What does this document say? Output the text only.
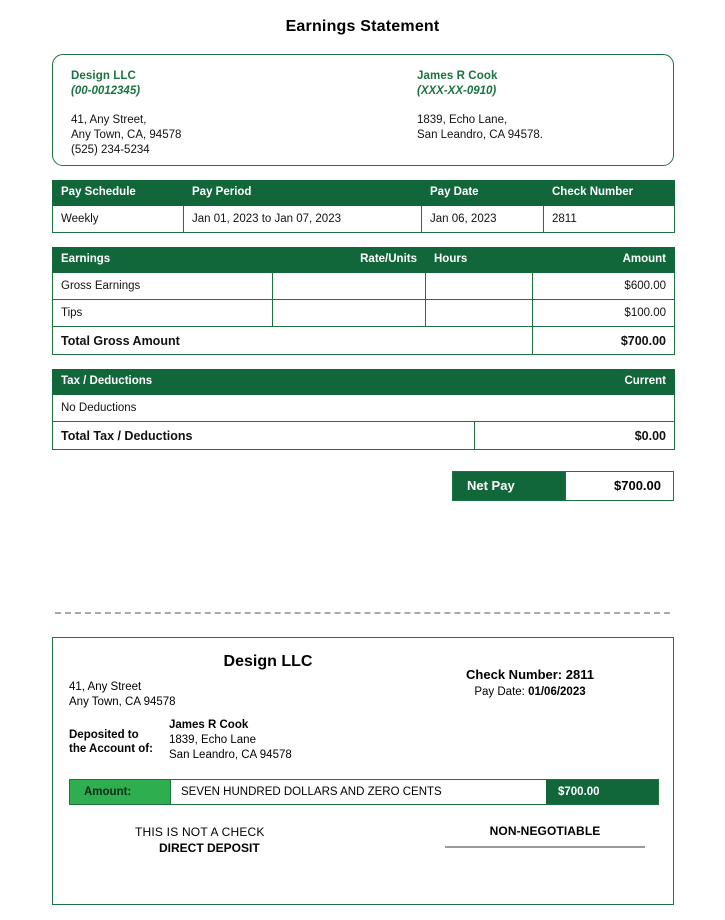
Earnings Statement
Design LLC
(00-0012345)
41, Any Street,
Any Town, CA, 94578
(525) 234-5234
James R Cook
(XXX-XX-0910)
1839, Echo Lane,
San Leandro, CA 94578.
Pay Schedule	Pay Period	Pay Date	Check Number
Weekly	Jan 01, 2023 to Jan 07, 2023	Jan 06, 2023	2811
Earnings	Rate/Units	Hours	Amount
Gross Earnings			$600.00
Tips			$100.00
Total Gross Amount			$700.00
Tax / Deductions	Current
No Deductions	
Total Tax / Deductions	$0.00
Net Pay	$700.00
Design LLC
41, Any Street
Any Town, CA 94578
Check Number: 2811
Pay Date: 01/06/2023
Deposited to
the Account of:
James R Cook
1839, Echo Lane
San Leandro, CA 94578
Amount:	SEVEN HUNDRED DOLLARS AND ZERO CENTS	$700.00
THIS IS NOT A CHECK
DIRECT DEPOSIT
NON-NEGOTIABLE
